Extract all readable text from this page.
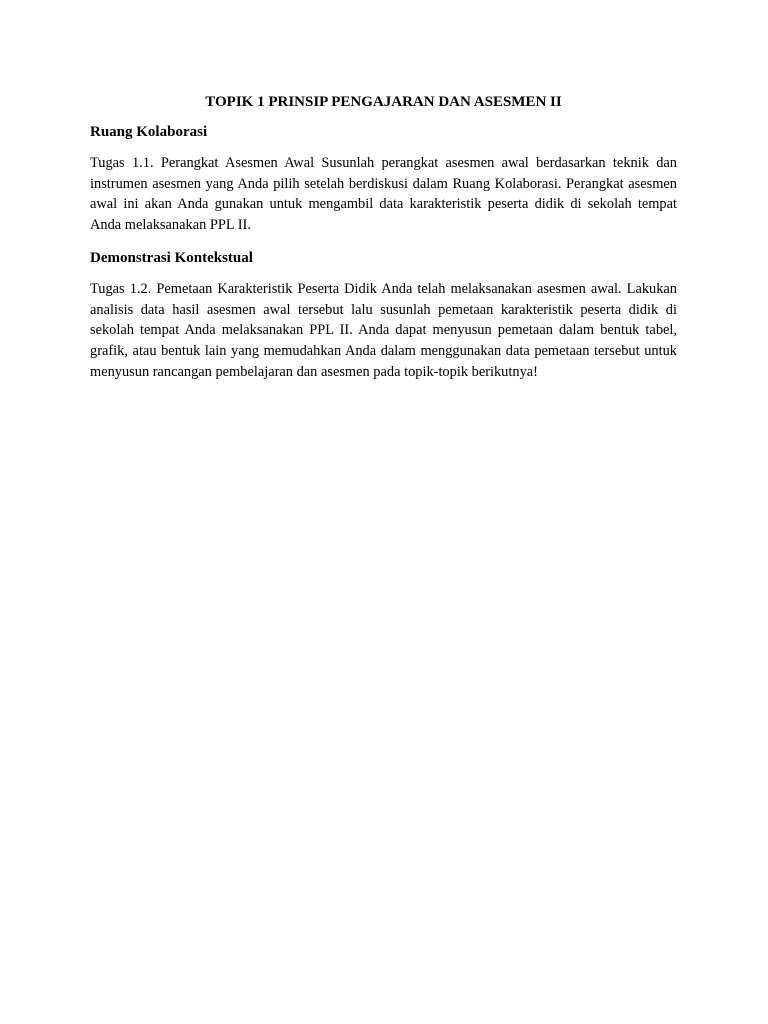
TOPIK 1 PRINSIP PENGAJARAN DAN ASESMEN II
Ruang Kolaborasi
Tugas 1.1. Perangkat Asesmen Awal Susunlah perangkat asesmen awal berdasarkan teknik dan instrumen asesmen yang Anda pilih setelah berdiskusi dalam Ruang Kolaborasi. Perangkat asesmen awal ini akan Anda gunakan untuk mengambil data karakteristik peserta didik di sekolah tempat Anda melaksanakan PPL II.
Demonstrasi Kontekstual
Tugas 1.2. Pemetaan Karakteristik Peserta Didik Anda telah melaksanakan asesmen awal. Lakukan analisis data hasil asesmen awal tersebut lalu susunlah pemetaan karakteristik peserta didik di sekolah tempat Anda melaksanakan PPL II. Anda dapat menyusun pemetaan dalam bentuk tabel, grafik, atau bentuk lain yang memudahkan Anda dalam menggunakan data pemetaan tersebut untuk menyusun rancangan pembelajaran dan asesmen pada topik-topik berikutnya!
